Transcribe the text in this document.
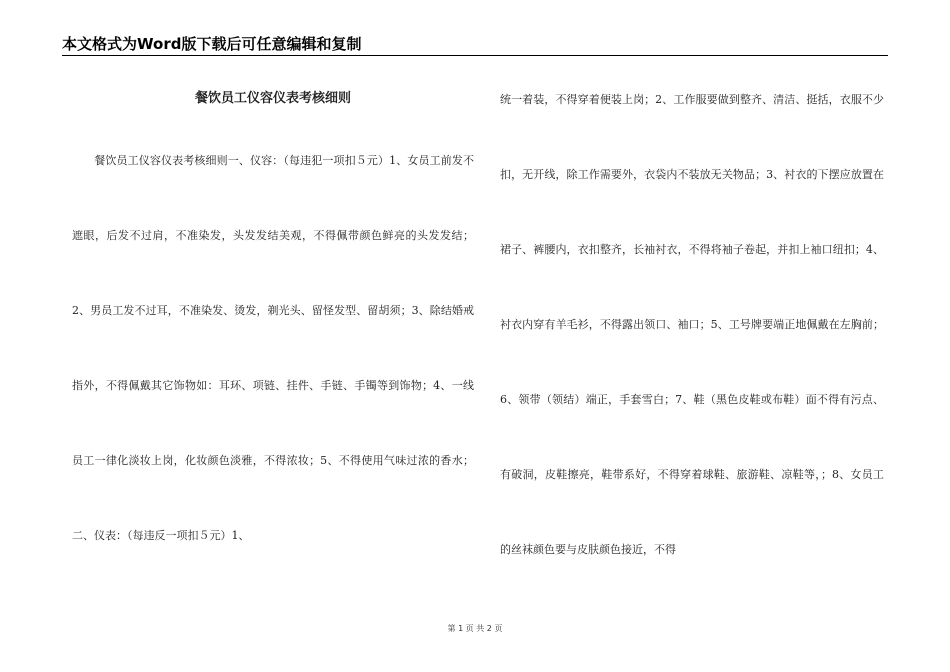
本文格式为Word版下载后可任意编辑和复制
餐饮员工仪容仪表考核细则

　　餐饮员工仪容仪表考核细则一、仪容：（每违犯一项扣５元）1、女员工前发不遮眼，后发不过肩，不准染发，头发发结美观，不得佩带颜色鲜亮的头发发结；2、男员工发不过耳，不准染发、烫发，剃光头、留怪发型、留胡须；3、除结婚戒指外，不得佩戴其它饰物如：耳环、项链、挂件、手链、手镯等到饰物；4、一线员工一律化淡妆上岗，化妆颜色淡雅，不得浓妆；5、不得使用气味过浓的香水；二、仪表：（每违反一项扣５元）1、

统一着装，不得穿着便装上岗；2、工作服要做到整齐、清洁、挺括，衣服不少扣，无开线，除工作需要外，衣袋内不装放无关物品；3、衬衣的下摆应放置在裙子、裤腰内，衣扣整齐，长袖衬衣，不得将袖子卷起，并扣上袖口纽扣；4、衬衣内穿有羊毛衫，不得露出领口、袖口；5、工号牌要端正地佩戴在左胸前；6、领带（领结）端正，手套雪白；7、鞋（黑色皮鞋或布鞋）面不得有污点、有破洞，皮鞋擦亮，鞋带系好，不得穿着球鞋、旅游鞋、凉鞋等，；8、女员工的丝袜颜色要与皮肤颜色接近，不得

第 1 页 共 2 页
